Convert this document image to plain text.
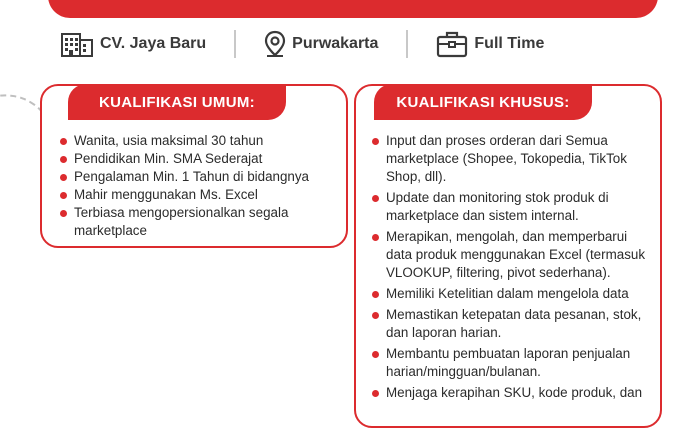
CV. Jaya Baru	Purwakarta	Full Time
KUALIFIKASI UMUM:
Wanita, usia maksimal 30 tahun
Pendidikan Min. SMA Sederajat
Pengalaman Min. 1 Tahun di bidangnya
Mahir menggunakan Ms. Excel
Terbiasa mengopersionalkan segala marketplace
KUALIFIKASI KHUSUS:
Input dan proses orderan dari Semua marketplace (Shopee, Tokopedia, TikTok Shop, dll).
Update dan monitoring stok produk di marketplace dan sistem internal.
Merapikan, mengolah, dan memperbarui data produk menggunakan Excel (termasuk VLOOKUP, filtering, pivot sederhana).
Memiliki Ketelitian dalam mengelola data
Memastikan ketepatan data pesanan, stok, dan laporan harian.
Membantu pembuatan laporan penjualan harian/mingguan/bulanan.
Menjaga kerapihan SKU, kode produk, dan
